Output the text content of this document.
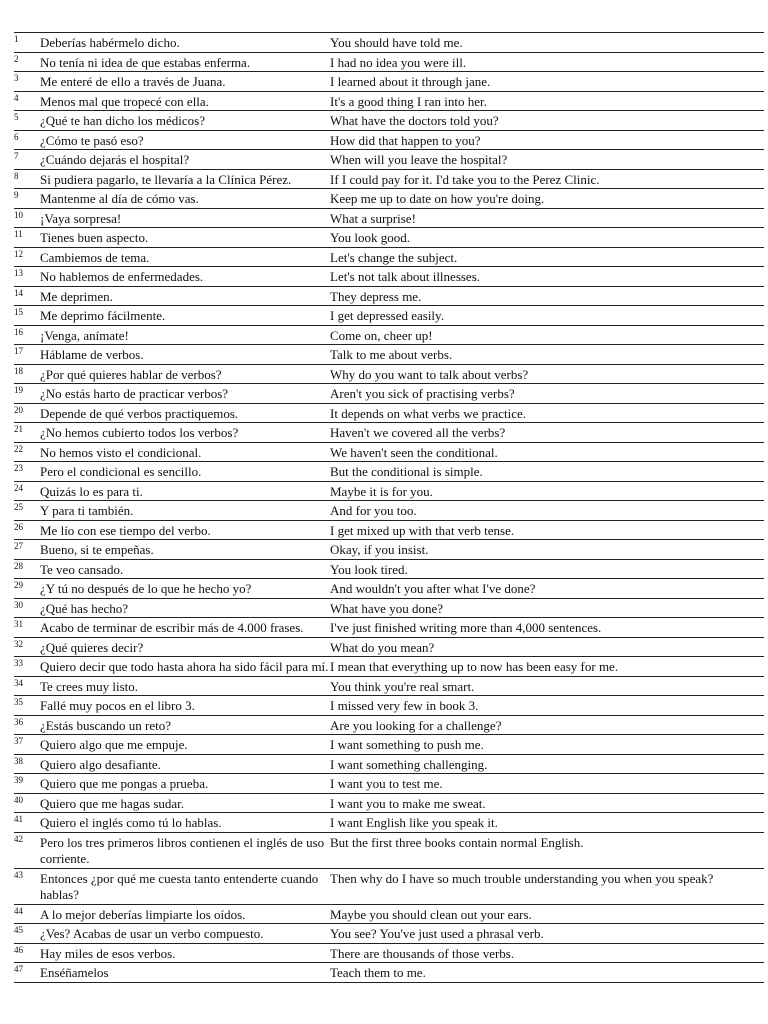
1	Deberías habérmelo dicho.	You should have told me.
2	No tenía ni idea de que estabas enferma.	I had no idea you were ill.
3	Me enteré de ello a través de Juana.	I learned about it through jane.
4	Menos mal que tropecé con ella.	It's a good thing I ran into her.
5	¿Qué te han dicho los médicos?	What have the doctors told you?
6	¿Cómo te pasó eso?	How did that happen to you?
7	¿Cuándo dejarás el hospital?	When will you leave the hospital?
8	Si pudiera pagarlo, te llevaría a la Clínica Pérez.	If I could pay for it. I'd take you to the Perez Clinic.
9	Mantenme al día de cómo vas.	Keep me up to date on how you're doing.
10	¡Vaya sorpresa!	What a surprise!
11	Tienes buen aspecto.	You look good.
12	Cambiemos de tema.	Let's change the subject.
13	No hablemos de enfermedades.	Let's not talk about illnesses.
14	Me deprimen.	They depress me.
15	Me deprimo fácilmente.	I get depressed easily.
16	¡Venga, anímate!	Come on, cheer up!
17	Háblame de verbos.	Talk to me about verbs.
18	¿Por qué quieres hablar de verbos?	Why do you want to talk about verbs?
19	¿No estás harto de practicar verbos?	Aren't you sick of practising verbs?
20	Depende de qué verbos practiquemos.	It depends on what verbs we practice.
21	¿No hemos cubierto todos los verbos?	Haven't we covered all the verbs?
22	No hemos visto el condicional.	We haven't seen the conditional.
23	Pero el condicional es sencillo.	But the conditional is simple.
24	Quizás lo es para ti.	Maybe it is for you.
25	Y para ti también.	And for you too.
26	Me lío con ese tiempo del verbo.	I get mixed up with that verb tense.
27	Bueno, si te empeñas.	Okay, if you insist.
28	Te veo cansado.	You look tired.
29	¿Y tú no después de lo que he hecho yo?	And wouldn't you after what I've done?
30	¿Qué has hecho?	What have you done?
31	Acabo de terminar de escribir más de 4.000 frases.	I've just finished writing more than 4,000 sentences.
32	¿Qué quieres decir?	What do you mean?
33	Quiero decir que todo hasta ahora ha sido fácil para mí.	I mean that everything up to now has been easy for me.
34	Te crees muy listo.	You think you're real smart.
35	Fallé muy pocos en el libro 3.	I missed very few in book 3.
36	¿Estás buscando un reto?	Are you looking for a challenge?
37	Quiero algo que me empuje.	I want something to push me.
38	Quiero algo desafiante.	I want something challenging.
39	Quiero que me pongas a prueba.	I want you to test me.
40	Quiero que me hagas sudar.	I want you to make me sweat.
41	Quiero el inglés como tú lo hablas.	I want English like you speak it.
42	Pero los tres primeros libros contienen el inglés de uso corriente.	But the first three books contain normal English.
43	Entonces ¿por qué me cuesta tanto entenderte cuando hablas?	Then why do I have so much trouble understanding you when you speak?
44	A lo mejor deberías limpiarte los oídos.	Maybe you should clean out your ears.
45	¿Ves? Acabas de usar un verbo compuesto.	You see? You've just used a phrasal verb.
46	Hay miles de esos verbos.	There are thousands of those verbs.
47	Enséñamelos	Teach them to me.
